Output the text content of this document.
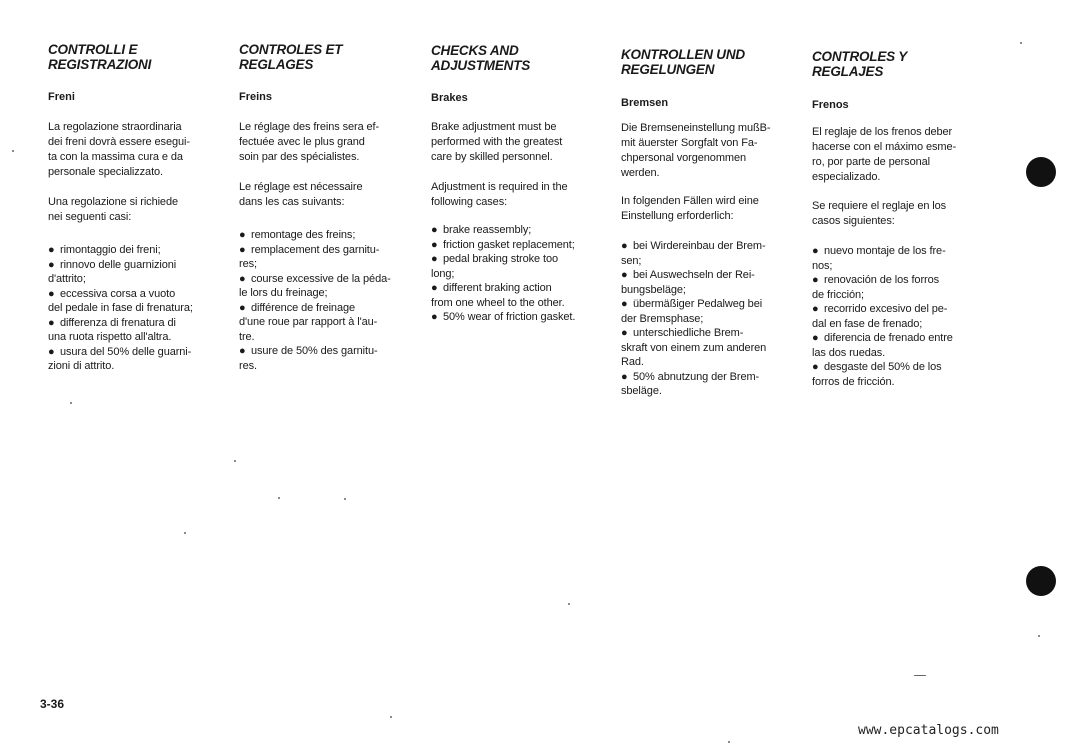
CONTROLLI E
REGISTRAZIONI

Freni

La regolazione straordinaria
dei freni dovrà essere esegui-
ta con la massima cura e da
personale specializzato.

Una regolazione si richiede
nei seguenti casi:

● rimontaggio dei freni;
● rinnovo delle guarnizioni
d'attrito;
● eccessiva corsa a vuoto
del pedale in fase di frenatura;
● differenza di frenatura di
una ruota rispetto all'altra.
● usura del 50% delle guarni-
zioni di attrito.

CONTROLES ET
REGLAGES

Freins

Le réglage des freins sera ef-
fectuée avec le plus grand
soin par des spécialistes.

Le réglage est nécessaire
dans les cas suivants:

● remontage des freins;
● remplacement des garnitu-
res;
● course excessive de la péda-
le lors du freinage;
● différence de freinage
d'une roue par rapport à l'au-
tre.
● usure de 50% des garnitu-
res.

CHECKS AND
ADJUSTMENTS

Brakes

Brake adjustment must be
performed with the greatest
care by skilled personnel.

Adjustment is required in the
following cases:

● brake reassembly;
● friction gasket replacement;
● pedal braking stroke too
long;
● different braking action
from one wheel to the other.
● 50% wear of friction gasket.

KONTROLLEN UND
REGELUNGEN

Bremsen

Die Bremseneinstellung mußB-
mit äuerster Sorgfalt von Fa-
chpersonal vorgenommen
werden.

In folgenden Fällen wird eine
Einstellung erforderlich:

● bei Wirdereinbau der Brem-
sen;
● bei Auswechseln der Rei-
bungsbeläge;
● übermäßiger Pedalweg bei
der Bremsphase;
● unterschiedliche Brem-
skraft von einem zum anderen
Rad.
● 50% abnutzung der Brem-
sbeläge.

CONTROLES Y
REGLAJES

Frenos

El reglaje de los frenos deber
hacerse con el máximo esme-
ro, por parte de personal
especializado.

Se requiere el reglaje en los
casos siguientes:

● nuevo montaje de los fre-
nos;
● renovación de los forros
de fricción;
● recorrido excesivo del pe-
dal en fase de frenado;
● diferencia de frenado entre
las dos ruedas.
● desgaste del 50% de los
forros de fricción.
3-36
www.epcatalogs.com
